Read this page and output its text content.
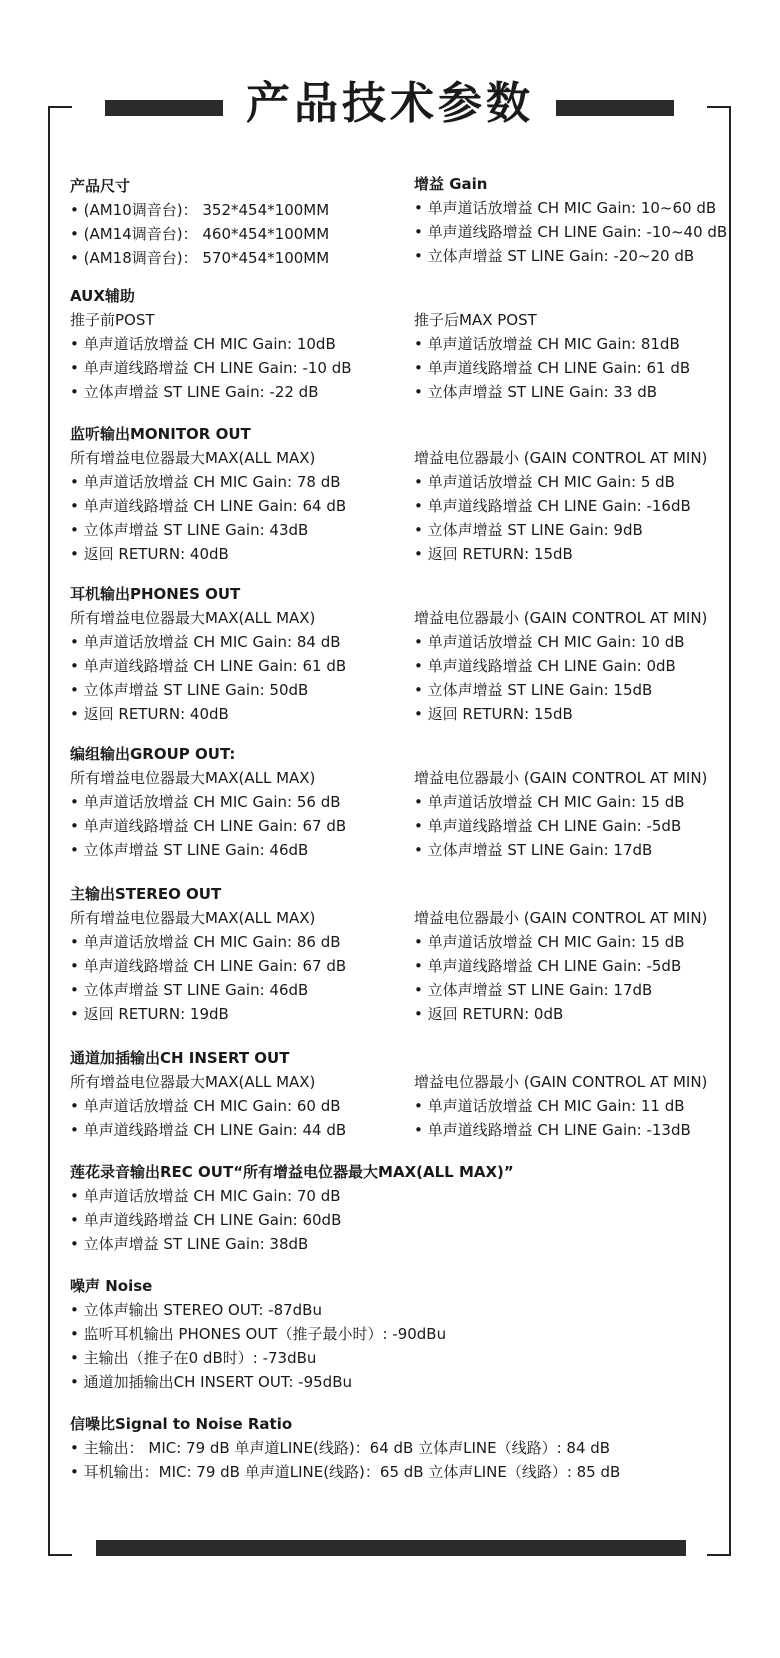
产品技术参数
产品尺寸
• (AM10调音台)： 352*454*100MM
• (AM14调音台)： 460*454*100MM
• (AM18调音台)： 570*454*100MM
增益 Gain
• 单声道话放增益 CH MIC Gain: 10~60 dB
• 单声道线路增益 CH LINE Gain: -10~40 dB
• 立体声增益 ST LINE Gain: -20~20 dB
AUX辅助
推子前POST
• 单声道话放增益 CH MIC Gain: 10dB
• 单声道线路增益 CH LINE Gain: -10 dB
• 立体声增益 ST LINE Gain: -22 dB
推子后MAX POST
• 单声道话放增益 CH MIC Gain: 81dB
• 单声道线路增益 CH LINE Gain: 61 dB
• 立体声增益 ST LINE Gain: 33 dB
监听输出MONITOR OUT
所有增益电位器最大MAX(ALL MAX)
• 单声道话放增益 CH MIC Gain: 78 dB
• 单声道线路增益 CH LINE Gain: 64 dB
• 立体声增益 ST LINE Gain: 43dB
• 返回 RETURN: 40dB
增益电位器最小 (GAIN CONTROL AT MIN)
• 单声道话放增益 CH MIC Gain: 5 dB
• 单声道线路增益 CH LINE Gain: -16dB
• 立体声增益 ST LINE Gain: 9dB
• 返回 RETURN: 15dB
耳机输出PHONES OUT
所有增益电位器最大MAX(ALL MAX)
• 单声道话放增益 CH MIC Gain: 84 dB
• 单声道线路增益 CH LINE Gain: 61 dB
• 立体声增益 ST LINE Gain: 50dB
• 返回 RETURN: 40dB
增益电位器最小 (GAIN CONTROL AT MIN)
• 单声道话放增益 CH MIC Gain: 10 dB
• 单声道线路增益 CH LINE Gain: 0dB
• 立体声增益 ST LINE Gain: 15dB
• 返回 RETURN: 15dB
编组输出GROUP OUT:
所有增益电位器最大MAX(ALL MAX)
• 单声道话放增益 CH MIC Gain: 56 dB
• 单声道线路增益 CH LINE Gain: 67 dB
• 立体声增益 ST LINE Gain: 46dB
增益电位器最小 (GAIN CONTROL AT MIN)
• 单声道话放增益 CH MIC Gain: 15 dB
• 单声道线路增益 CH LINE Gain: -5dB
• 立体声增益 ST LINE Gain: 17dB
主输出STEREO OUT
所有增益电位器最大MAX(ALL MAX)
• 单声道话放增益 CH MIC Gain: 86 dB
• 单声道线路增益 CH LINE Gain: 67 dB
• 立体声增益 ST LINE Gain: 46dB
• 返回 RETURN: 19dB
增益电位器最小 (GAIN CONTROL AT MIN)
• 单声道话放增益 CH MIC Gain: 15 dB
• 单声道线路增益 CH LINE Gain: -5dB
• 立体声增益 ST LINE Gain: 17dB
• 返回 RETURN: 0dB
通道加插输出CH INSERT OUT
所有增益电位器最大MAX(ALL MAX)
• 单声道话放增益 CH MIC Gain: 60 dB
• 单声道线路增益 CH LINE Gain: 44 dB
增益电位器最小 (GAIN CONTROL AT MIN)
• 单声道话放增益 CH MIC Gain: 11 dB
• 单声道线路增益 CH LINE Gain: -13dB
莲花录音输出REC OUT“所有增益电位器最大MAX(ALL MAX)”
• 单声道话放增益 CH MIC Gain: 70 dB
• 单声道线路增益 CH LINE Gain: 60dB
• 立体声增益 ST LINE Gain: 38dB
噪声 Noise
• 立体声输出 STEREO OUT: -87dBu
• 监听耳机输出 PHONES OUT（推子最小时）: -90dBu
• 主输出（推子在0 dB时）: -73dBu
• 通道加插输出CH INSERT OUT: -95dBu
信噪比Signal to Noise Ratio
• 主输出： MIC: 79 dB 单声道LINE(线路)：64 dB 立体声LINE（线路）: 84 dB
• 耳机输出：MIC: 79 dB 单声道LINE(线路)：65 dB 立体声LINE（线路）: 85 dB
